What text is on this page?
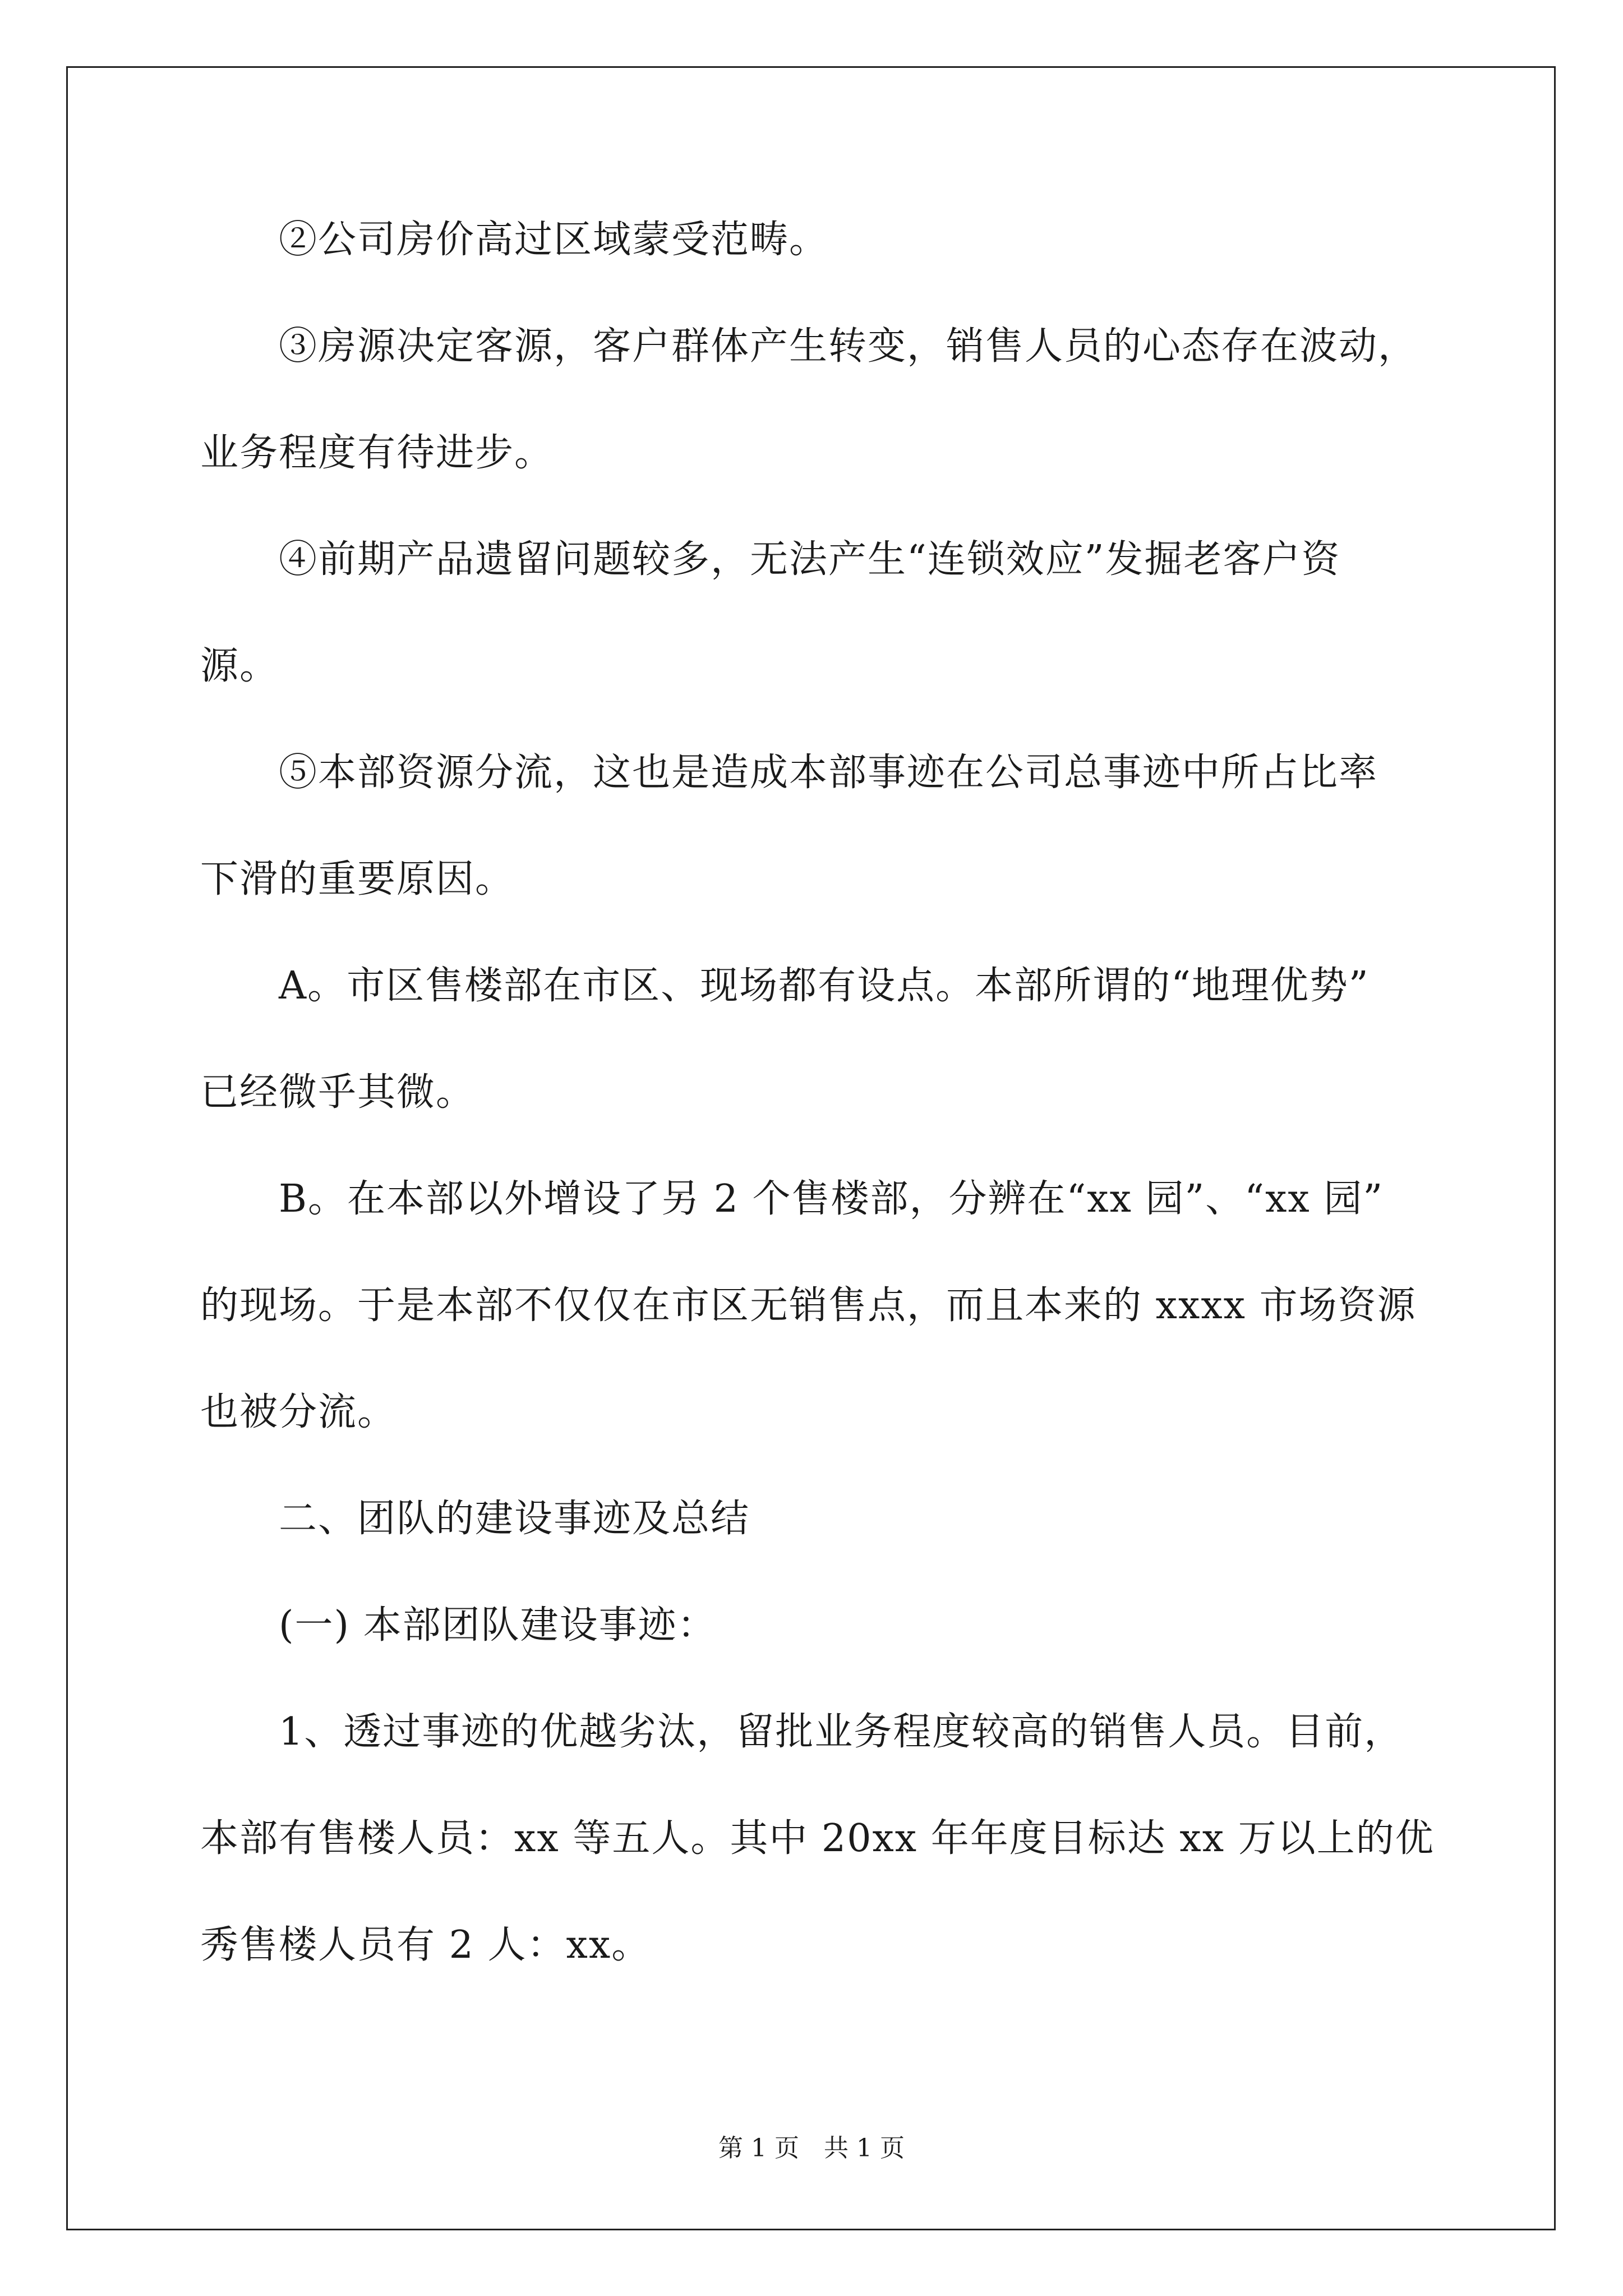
②公司房价高过区域蒙受范畴。
③房源决定客源，客户群体产生转变，销售人员的心态存在波动，
业务程度有待进步。
④前期产品遗留问题较多，无法产生“连锁效应”发掘老客户资
源。
⑤本部资源分流，这也是造成本部事迹在公司总事迹中所占比率
下滑的重要原因。
A。市区售楼部在市区、现场都有设点。本部所谓的“地理优势”
已经微乎其微。
B。在本部以外增设了另 2 个售楼部，分辨在“xx 园”、“xx 园”
的现场。于是本部不仅仅在市区无销售点，而且本来的 xxxx 市场资源
也被分流。
二、团队的建设事迹及总结
(一) 本部团队建设事迹：
1、透过事迹的优越劣汰，留批业务程度较高的销售人员。目前，
本部有售楼人员：xx 等五人。其中 20xx 年年度目标达 xx 万以上的优
秀售楼人员有 2 人：xx。
第 1 页　共 1 页
